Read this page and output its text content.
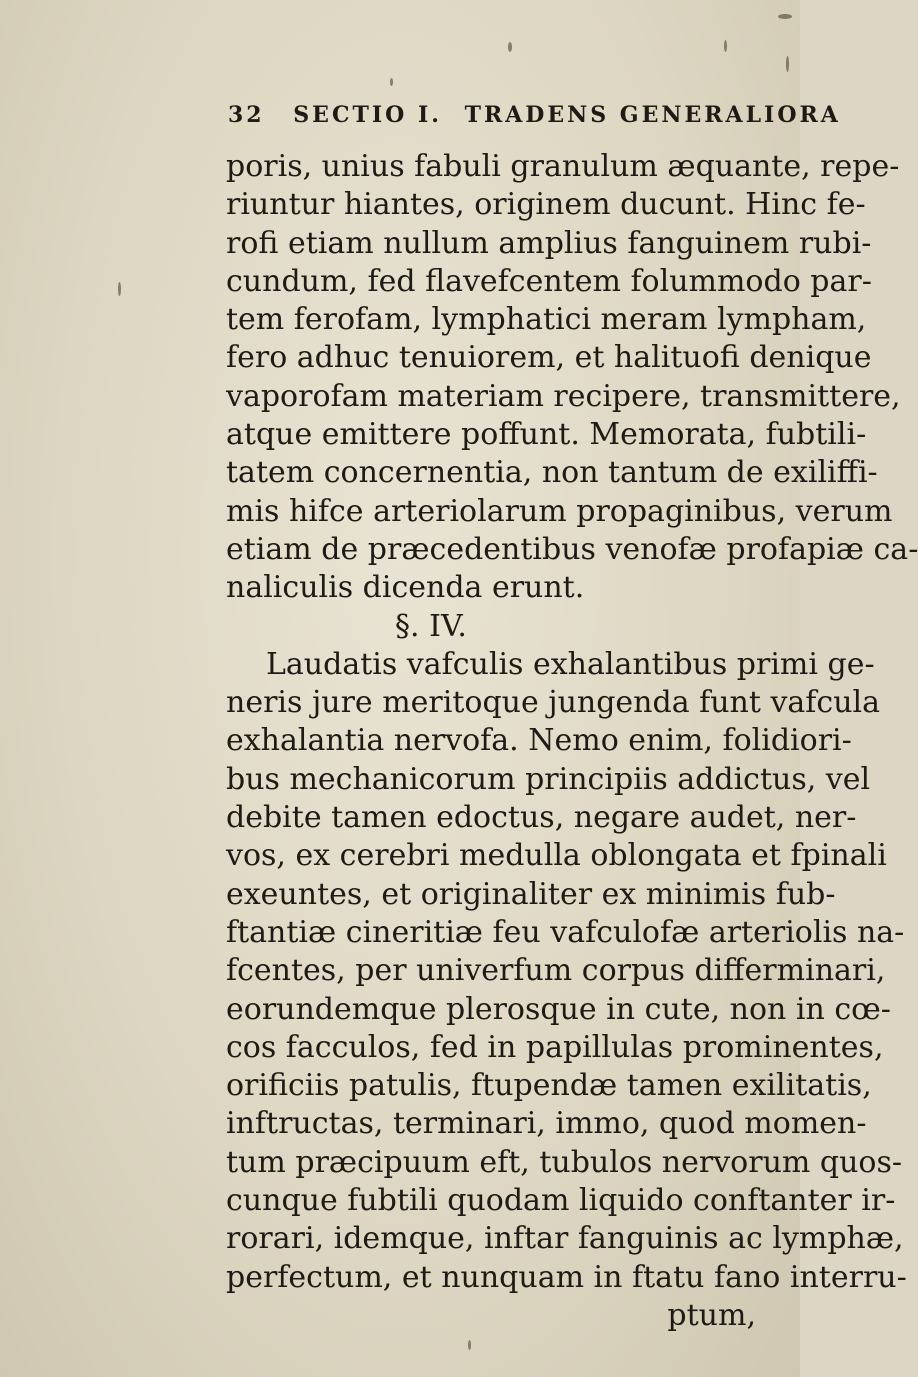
32 SECTIO I. TRADENS GENERALIORA
poris, unius fabuli granulum æquante, repe-
riuntur hiantes, originem ducunt. Hinc fe-
rofi etiam nullum amplius fanguinem rubi-
cundum, fed flavefcentem folummodo par-
tem ferofam, lymphatici meram lympham,
fero adhuc tenuiorem, et halituofi denique
vaporofam materiam recipere, transmittere,
atque emittere poffunt. Memorata, fubtili-
tatem concernentia, non tantum de exiliffi-
mis hifce arteriolarum propaginibus, verum
etiam de præcedentibus venofæ profapiæ ca-
naliculis dicenda erunt.
§. IV.
Laudatis vafculis exhalantibus primi ge-
neris jure meritoque jungenda funt vafcula
exhalantia nervofa. Nemo enim, folidiori-
bus mechanicorum principiis addictus, vel
debite tamen edoctus, negare audet, ner-
vos, ex cerebri medulla oblongata et fpinali
exeuntes, et originaliter ex minimis fub-
ftantiæ cineritiæ feu vafculofæ arteriolis na-
fcentes, per univerfum corpus differminari,
eorundemque plerosque in cute, non in cœ-
cos facculos, fed in papillulas prominentes,
orificiis patulis, ftupendæ tamen exilitatis,
inftructas, terminari, immo, quod momen-
tum præcipuum eft, tubulos nervorum quos-
cunque fubtili quodam liquido conftanter ir-
rorari, idemque, inftar fanguinis ac lymphæ,
perfectum, et nunquam in ftatu fano interru-
ptum,
